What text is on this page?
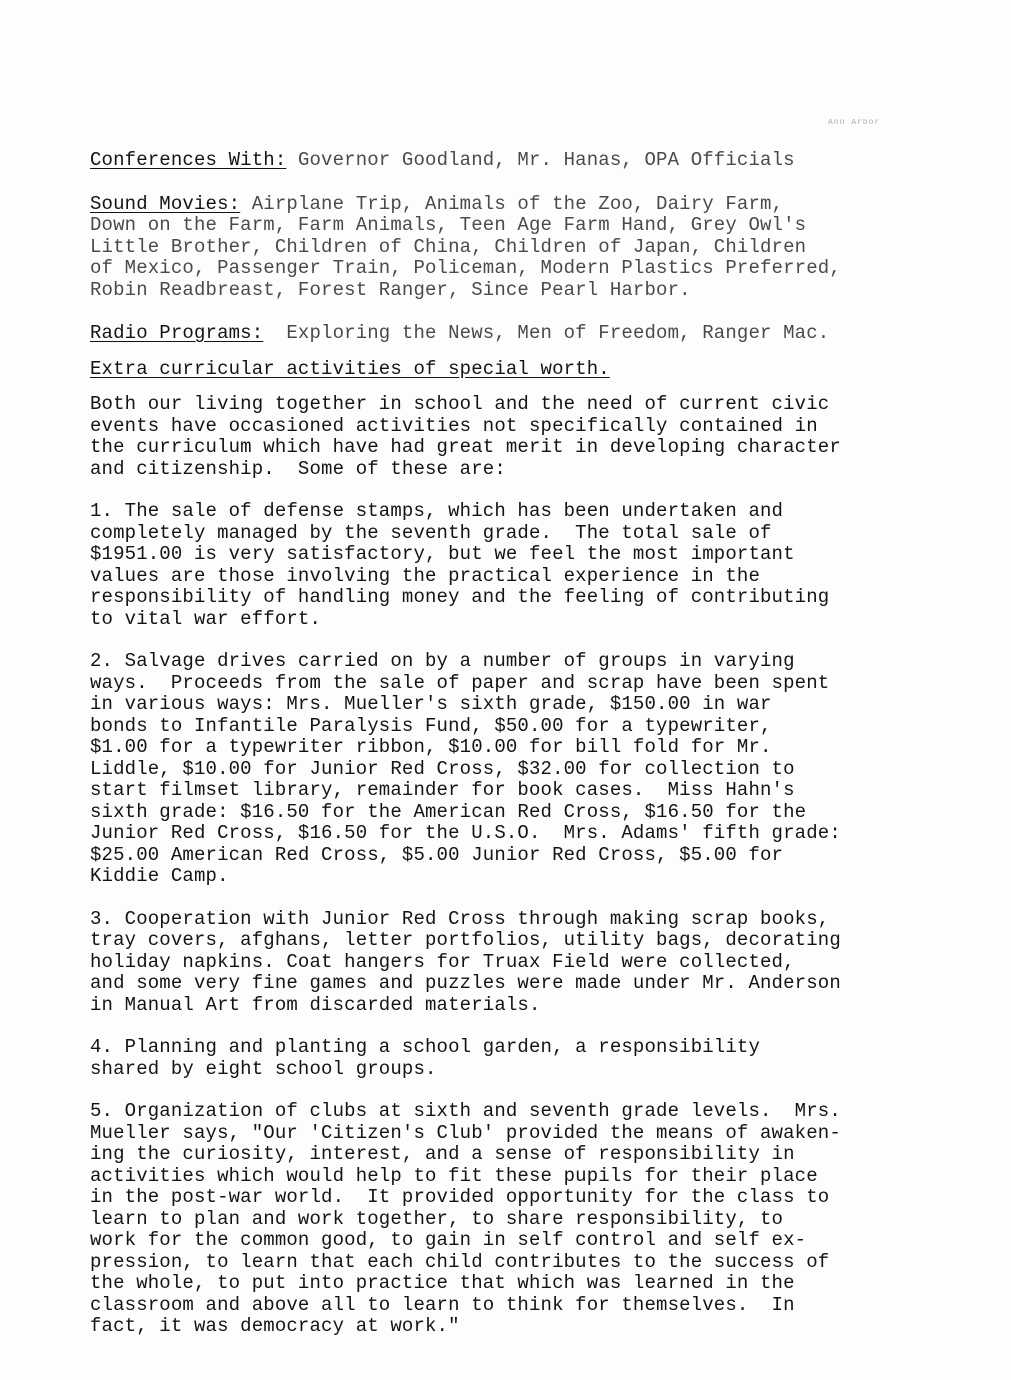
Ann Arbor
Conferences With: Governor Goodland, Mr. Hanas, OPA Officials
Sound Movies: Airplane Trip, Animals of the Zoo, Dairy Farm,
Down on the Farm, Farm Animals, Teen Age Farm Hand, Grey Owl's
Little Brother, Children of China, Children of Japan, Children
of Mexico, Passenger Train, Policeman, Modern Plastics Preferred,
Robin Readbreast, Forest Ranger, Since Pearl Harbor.
Radio Programs:  Exploring the News, Men of Freedom, Ranger Mac.
Extra curricular activities of special worth.
Both our living together in school and the need of current civic
events have occasioned activities not specifically contained in
the curriculum which have had great merit in developing character
and citizenship.  Some of these are:
1. The sale of defense stamps, which has been undertaken and
completely managed by the seventh grade.  The total sale of
$1951.00 is very satisfactory, but we feel the most important
values are those involving the practical experience in the
responsibility of handling money and the feeling of contributing
to vital war effort.
2. Salvage drives carried on by a number of groups in varying
ways.  Proceeds from the sale of paper and scrap have been spent
in various ways: Mrs. Mueller's sixth grade, $150.00 in war
bonds to Infantile Paralysis Fund, $50.00 for a typewriter,
$1.00 for a typewriter ribbon, $10.00 for bill fold for Mr.
Liddle, $10.00 for Junior Red Cross, $32.00 for collection to
start filmset library, remainder for book cases.  Miss Hahn's
sixth grade: $16.50 for the American Red Cross, $16.50 for the
Junior Red Cross, $16.50 for the U.S.O.  Mrs. Adams' fifth grade:
$25.00 American Red Cross, $5.00 Junior Red Cross, $5.00 for
Kiddie Camp.
3. Cooperation with Junior Red Cross through making scrap books,
tray covers, afghans, letter portfolios, utility bags, decorating
holiday napkins. Coat hangers for Truax Field were collected,
and some very fine games and puzzles were made under Mr. Anderson
in Manual Art from discarded materials.
4. Planning and planting a school garden, a responsibility
shared by eight school groups.
5. Organization of clubs at sixth and seventh grade levels.  Mrs.
Mueller says, "Our 'Citizen's Club' provided the means of awaken-
ing the curiosity, interest, and a sense of responsibility in
activities which would help to fit these pupils for their place
in the post-war world.  It provided opportunity for the class to
learn to plan and work together, to share responsibility, to
work for the common good, to gain in self control and self ex-
pression, to learn that each child contributes to the success of
the whole, to put into practice that which was learned in the
classroom and above all to learn to think for themselves.  In
fact, it was democracy at work."
